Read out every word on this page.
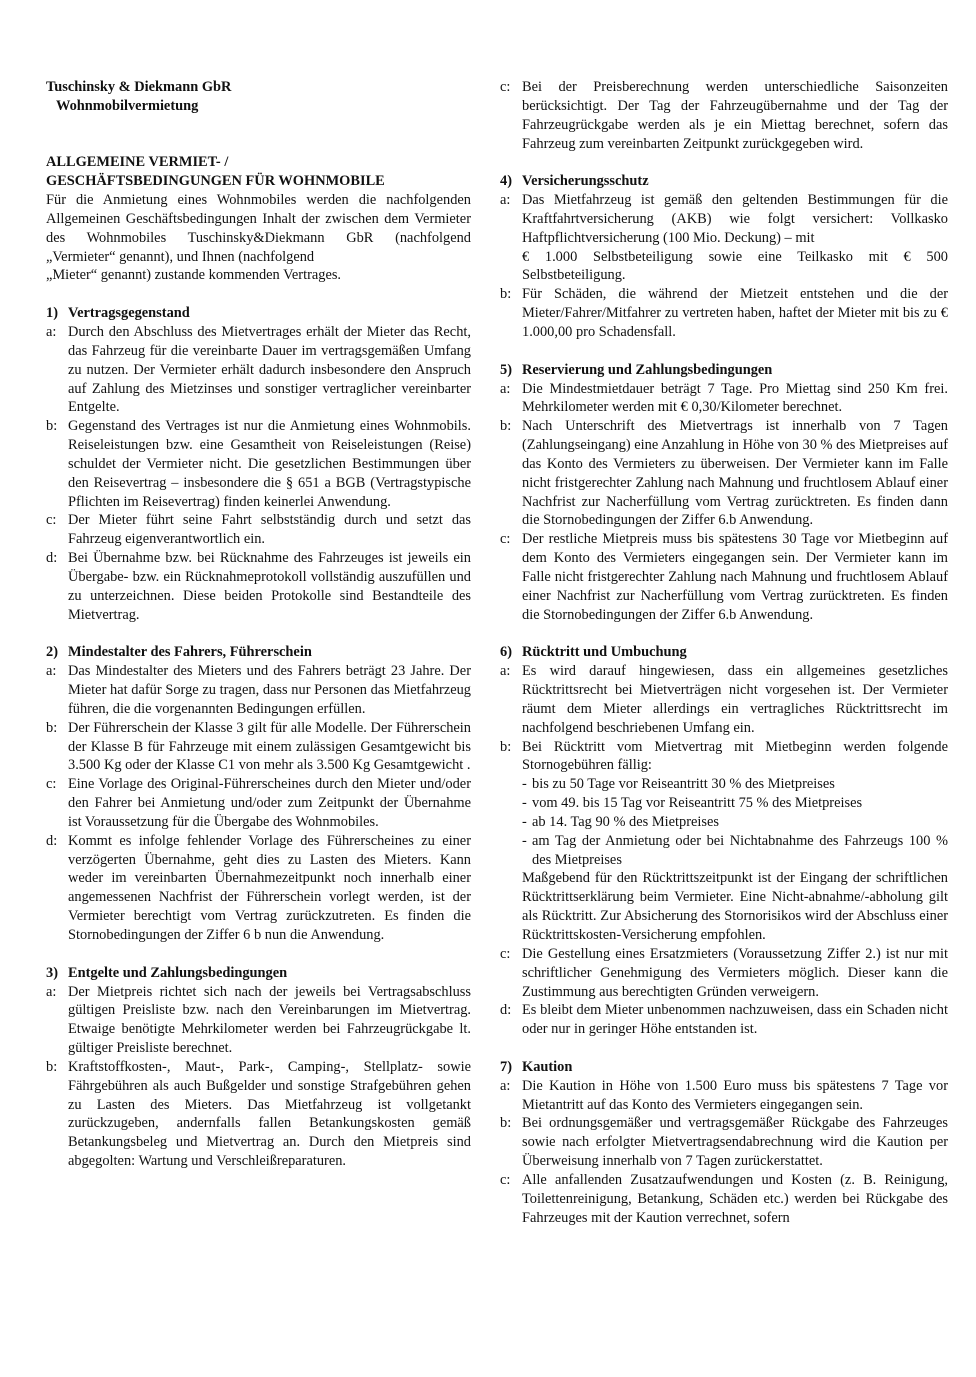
Tuschinsky & Diekmann GbR
Wohnmobilvermietung
ALLGEMEINE VERMIET- /
GESCHÄFTSBEDINGUNGEN FÜR WOHNMOBILE
Für die Anmietung eines Wohnmobiles werden die nachfolgenden Allgemeinen Geschäftsbedingungen Inhalt der zwischen dem Vermieter des Wohnmobiles Tuschinsky&Diekmann GbR (nachfolgend „Vermieter“ genannt), und Ihnen (nachfolgend
„Mieter“ genannt) zustande kommenden Vertrages.
1) Vertragsgegenstand
a: Durch den Abschluss des Mietvertrages erhält der Mieter das Recht, das Fahrzeug für die vereinbarte Dauer im vertragsgemäßen Umfang zu nutzen. Der Vermieter erhält dadurch insbesondere den Anspruch auf Zahlung des Mietzinses und sonstiger vertraglicher vereinbarter Entgelte.

b: Gegenstand des Vertrages ist nur die Anmietung eines Wohnmobils. Reiseleistungen bzw. eine Gesamtheit von Reiseleistungen (Reise) schuldet der Vermieter nicht. Die gesetzlichen Bestimmungen über den Reisevertrag – insbesondere die § 651 a BGB (Vertragstypische Pflichten im Reisevertrag) finden keinerlei Anwendung.

c: Der Mieter führt seine Fahrt selbstständig durch und setzt das Fahrzeug eigenverantwortlich ein.

d: Bei Übernahme bzw. bei Rücknahme des Fahrzeuges ist jeweils ein Übergabe- bzw. ein Rücknahmeprotokoll vollständig auszufüllen und zu unterzeichnen. Diese beiden Protokolle sind Bestandteile des Mietvertrag.

2) Mindestalter des Fahrers, Führerschein
a: Das Mindestalter des Mieters und des Fahrers beträgt 23 Jahre. Der Mieter hat dafür Sorge zu tragen, dass nur Personen das Mietfahrzeug führen, die die vorgenannten Bedingungen erfüllen.

b: Der Führerschein der Klasse 3 gilt für alle Modelle. Der Führerschein der Klasse B für Fahrzeuge mit einem zulässigen Gesamtgewicht bis 3.500 Kg oder der Klasse C1 von mehr als 3.500 Kg Gesamtgewicht .

c: Eine Vorlage des Original-Führerscheines durch den Mieter und/oder den Fahrer bei Anmietung und/oder zum Zeitpunkt der Übernahme ist Voraussetzung für die Übergabe des Wohnmobiles.

d: Kommt es infolge fehlender Vorlage des Führerscheines zu einer verzögerten Übernahme, geht dies zu Lasten des Mieters. Kann weder im vereinbarten Übernahmezeitpunkt noch innerhalb einer angemessenen Nachfrist der Führerschein vorlegt werden, ist der Vermieter berechtigt vom Vertrag zurückzutreten. Es finden die Stornobedingungen der Ziffer 6 b nun die Anwendung.

3) Entgelte und Zahlungsbedingungen
a: Der Mietpreis richtet sich nach der jeweils bei Vertragsabschluss gültigen Preisliste bzw. nach den Vereinbarungen im Mietvertrag. Etwaige benötigte Mehrkilometer werden bei Fahrzeugrückgabe lt. gültiger Preisliste berechnet.

b: Kraftstoffkosten-, Maut-, Park-, Camping-, Stellplatz- sowie Fährgebühren als auch Bußgelder und sonstige Strafgebühren gehen zu Lasten des Mieters. Das Mietfahrzeug ist vollgetankt zurückzugeben, andernfalls fallen Betankungskosten gemäß Betankungsbeleg und Mietvertrag an. Durch den Mietpreis sind abgegolten: Wartung und Verschleißreparaturen.

c: Bei der Preisberechnung werden unterschiedliche Saisonzeiten berücksichtigt. Der Tag der Fahrzeugübernahme und der Tag der Fahrzeugrückgabe werden als je ein Miettag berechnet, sofern das Fahrzeug zum vereinbarten Zeitpunkt zurückgegeben wird.

4) Versicherungsschutz
a: Das Mietfahrzeug ist gemäß den geltenden Bestimmungen für die Kraftfahrtversicherung (AKB) wie folgt versichert: Vollkasko Haftpflichtversicherung (100 Mio. Deckung) – mit

€ 1.000 Selbstbeteiligung sowie eine Teilkasko mit € 500 Selbstbeteiligung.

b: Für Schäden, die während der Mietzeit entstehen und die der Mieter/Fahrer/Mitfahrer zu vertreten haben, haftet der Mieter mit bis zu € 1.000,00 pro Schadensfall.

5) Reservierung und Zahlungsbedingungen
a: Die Mindestmietdauer beträgt 7 Tage. Pro Miettag sind 250 Km frei. Mehrkilometer werden mit € 0,30/Kilometer berechnet.

b: Nach Unterschrift des Mietvertrags ist innerhalb von 7 Tagen (Zahlungseingang) eine Anzahlung in Höhe von 30 % des Mietpreises auf das Konto des Vermieters zu überweisen. Der Vermieter kann im Falle nicht fristgerechter Zahlung nach Mahnung und fruchtlosem Ablauf einer Nachfrist zur Nacherfüllung vom Vertrag zurücktreten. Es finden dann die Stornobedingungen der Ziffer 6.b Anwendung.

c: Der restliche Mietpreis muss bis spätestens 30 Tage vor Mietbeginn auf dem Konto des Vermieters eingegangen sein. Der Vermieter kann im Falle nicht fristgerechter Zahlung nach Mahnung und fruchtlosem Ablauf einer Nachfrist zur Nacherfüllung vom Vertrag zurücktreten. Es finden die Stornobedingungen der Ziffer 6.b Anwendung.

6) Rücktritt und Umbuchung
a: Es wird darauf hingewiesen, dass ein allgemeines gesetzliches Rücktrittsrecht bei Mietverträgen nicht vorgesehen ist. Der Vermieter räumt dem Mieter allerdings ein vertragliches Rücktrittsrecht im nachfolgend beschriebenen Umfang ein.

b: Bei Rücktritt vom Mietvertrag mit Mietbeginn werden folgende Stornogebühren fällig:

- bis zu 50 Tage vor Reiseantritt 30 % des Mietpreises
- vom 49. bis 15 Tag vor Reiseantritt 75 % des Mietpreises
- ab 14. Tag 90 % des Mietpreises
- am Tag der Anmietung oder bei Nichtabnahme des Fahrzeugs 100 % des Mietpreises

Maßgebend für den Rücktrittszeitpunkt ist der Eingang der schriftlichen Rücktrittserklärung beim Vermieter. Eine Nicht-abnahme/-abholung gilt als Rücktritt. Zur Absicherung des Stornorisikos wird der Abschluss einer Rücktrittskosten-Versicherung empfohlen.

c: Die Gestellung eines Ersatzmieters (Voraussetzung Ziffer 2.) ist nur mit schriftlicher Genehmigung des Vermieters möglich. Dieser kann die Zustimmung aus berechtigten Gründen verweigern.

d: Es bleibt dem Mieter unbenommen nachzuweisen, dass ein Schaden nicht oder nur in geringer Höhe entstanden ist.

7) Kaution
a: Die Kaution in Höhe von 1.500 Euro muss bis spätestens 7 Tage vor Mietantritt auf das Konto des Vermieters eingegangen sein.

b: Bei ordnungsgemäßer und vertragsgemäßer Rückgabe des Fahrzeuges sowie nach erfolgter Mietvertragsendabrechnung wird die Kaution per Überweisung innerhalb von 7 Tagen zurückerstattet.

c: Alle anfallenden Zusatzaufwendungen und Kosten (z. B. Reinigung, Toilettenreinigung, Betankung, Schäden etc.) werden bei Rückgabe des Fahrzeuges mit der Kaution verrechnet, sofern
